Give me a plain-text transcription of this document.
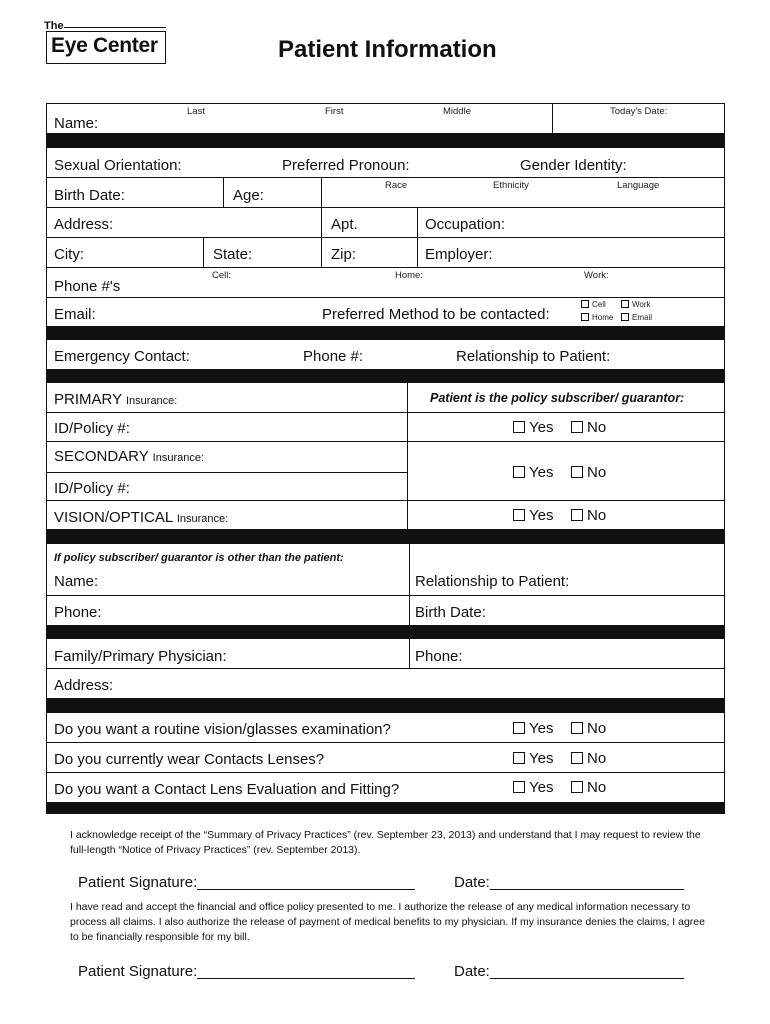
The
Eye Center	Patient Information
Name:
Last	First	Middle	Today's Date:
Sexual Orientation:	Preferred Pronoun:	Gender Identity:
Birth Date:	Age:
Race	Ethnicity	Language
Address:	Apt.	Occupation:
City:	State:	Zip:	Employer:
Phone #'s
Cell:	Home:	Work:
Email:	Preferred Method to be contacted:
Cell	Work
Home	Email
Emergency Contact:	Phone #:	Relationship to Patient:
PRIMARY Insurance:	Patient is the policy subscriber/ guarantor:
ID/Policy #:	Yes	No
SECONDARY Insurance:
Yes	No
ID/Policy #:
VISION/OPTICAL Insurance:	Yes	No
If policy subscriber/ guarantor is other than the patient:
Name:	Relationship to Patient:
Phone:	Birth Date:
Family/Primary Physician:	Phone:
Address:
Do you want a routine vision/glasses examination?	Yes	No
Do you currently wear Contacts Lenses?	Yes	No
Do you want a Contact Lens Evaluation and Fitting?	Yes	No
I acknowledge receipt of the “Summary of Privacy Practices” (rev. September 23, 2013) and understand that I may request to review the full-length “Notice of Privacy Practices” (rev. September 2013).
Patient Signature:	Date:
I have read and accept the financial and office policy presented to me. I authorize the release of any medical information necessary to process all claims. I also authorize the release of payment of medical benefits to my physician. If my insurance denies the claims, I agree to be financially responsible for my bill.
Patient Signature:	Date:
